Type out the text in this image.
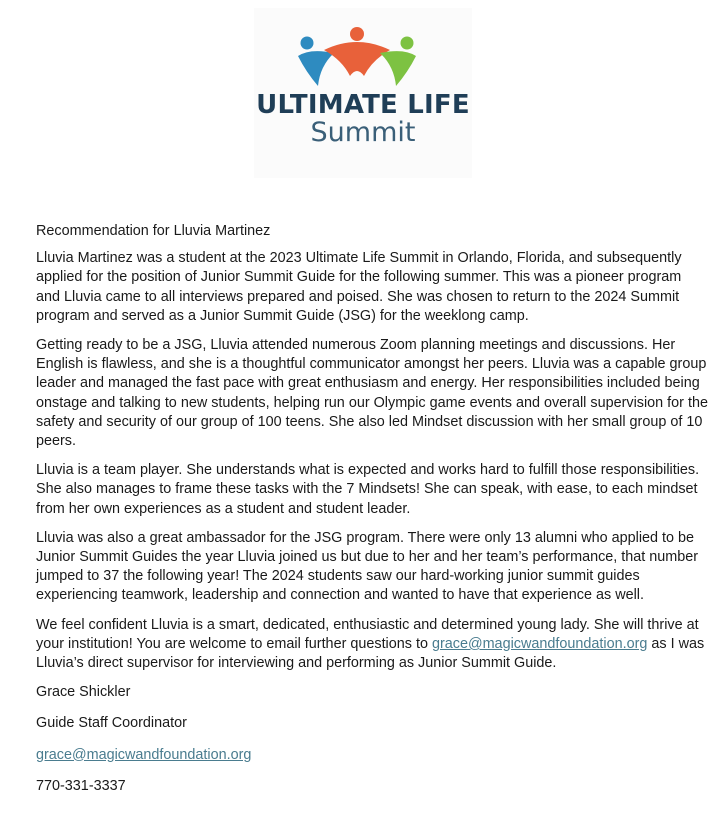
ULTIMATE LIFE
Summit

Recommendation for Lluvia Martinez

Lluvia Martinez was a student at the 2023 Ultimate Life Summit in Orlando, Florida, and subsequently applied for the position of Junior Summit Guide for the following summer. This was a pioneer program and Lluvia came to all interviews prepared and poised. She was chosen to return to the 2024 Summit program and served as a Junior Summit Guide (JSG) for the weeklong camp.

Getting ready to be a JSG, Lluvia attended numerous Zoom planning meetings and discussions. Her English is flawless, and she is a thoughtful communicator amongst her peers. Lluvia was a capable group leader and managed the fast pace with great enthusiasm and energy. Her responsibilities included being onstage and talking to new students, helping run our Olympic game events and overall supervision for the safety and security of our group of 100 teens. She also led Mindset discussion with her small group of 10 peers.

Lluvia is a team player. She understands what is expected and works hard to fulfill those responsibilities. She also manages to frame these tasks with the 7 Mindsets! She can speak, with ease, to each mindset from her own experiences as a student and student leader.

Lluvia was also a great ambassador for the JSG program. There were only 13 alumni who applied to be Junior Summit Guides the year Lluvia joined us but due to her and her team’s performance, that number jumped to 37 the following year! The 2024 students saw our hard-working junior summit guides experiencing teamwork, leadership and connection and wanted to have that experience as well.

We feel confident Lluvia is a smart, dedicated, enthusiastic and determined young lady. She will thrive at your institution! You are welcome to email further questions to grace@magicwandfoundation.org as I was Lluvia’s direct supervisor for interviewing and performing as Junior Summit Guide.

Grace Shickler

Guide Staff Coordinator

grace@magicwandfoundation.org

770-331-3337
